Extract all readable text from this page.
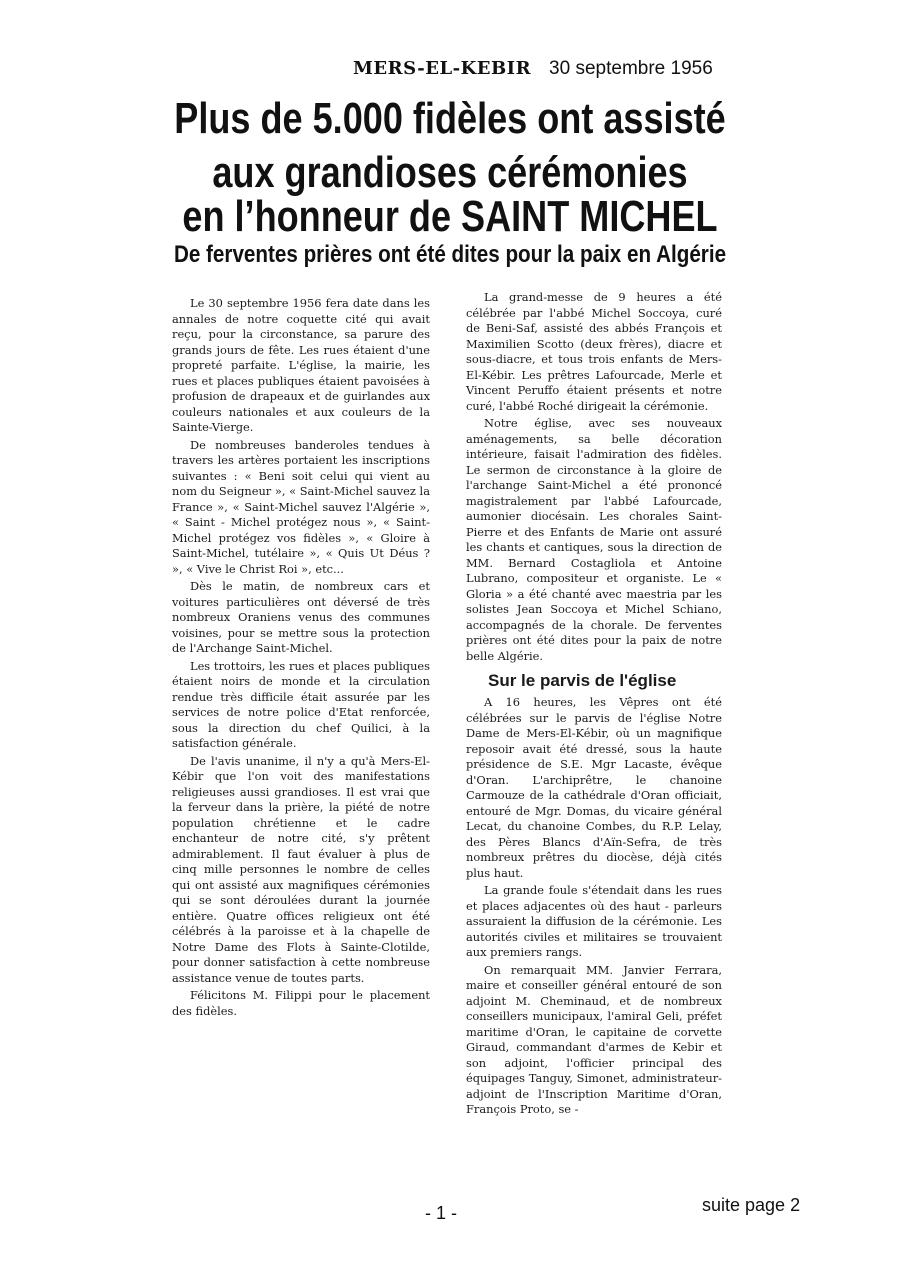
MERS-EL-KEBIR 30 septembre 1956
Plus de 5.000 fidèles ont assisté
aux grandioses cérémonies
en l’honneur de SAINT MICHEL
De ferventes prières ont été dites pour la paix en Algérie

Le 30 septembre 1956 fera date dans les annales de notre coquette cité qui avait reçu, pour la circonstance, sa parure des grands jours de fête. Les rues étaient d'une propreté parfaite. L'église, la mairie, les rues et places publiques étaient pavoisées à profusion de drapeaux et de guirlandes aux couleurs nationales et aux couleurs de la Sainte-Vierge.

De nombreuses banderoles tendues à travers les artères portaient les inscriptions suivantes : « Beni soit celui qui vient au nom du Seigneur », « Saint-Michel sauvez la France », « Saint-Michel sauvez l'Algérie », « Saint - Michel protégez nous », « Saint-Michel protégez vos fidèles », « Gloire à Saint-Michel, tutélaire », « Quis Ut Déus ? », « Vive le Christ Roi », etc...

Dès le matin, de nombreux cars et voitures particulières ont déversé de très nombreux Oraniens venus des communes voisines, pour se mettre sous la protection de l'Archange Saint-Michel.

Les trottoirs, les rues et places publiques étaient noirs de monde et la circulation rendue très difficile était assurée par les services de notre police d'Etat renforcée, sous la direction du chef Quilici, à la satisfaction générale.

De l'avis unanime, il n'y a qu'à Mers-El-Kébir que l'on voit des manifestations religieuses aussi grandioses. Il est vrai que la ferveur dans la prière, la piété de notre population chrétienne et le cadre enchanteur de notre cité, s'y prêtent admirablement. Il faut évaluer à plus de cinq mille personnes le nombre de celles qui ont assisté aux magnifiques cérémonies qui se sont déroulées durant la journée entière. Quatre offices religieux ont été célébrés à la paroisse et à la chapelle de Notre Dame des Flots à Sainte-Clotilde, pour donner satisfaction à cette nombreuse assistance venue de toutes parts.

Félicitons M. Filippi pour le placement des fidèles.

La grand-messe de 9 heures a été célébrée par l'abbé Michel Soccoya, curé de Beni-Saf, assisté des abbés François et Maximilien Scotto (deux frères), diacre et sous-diacre, et tous trois enfants de Mers-El-Kébir. Les prêtres Lafourcade, Merle et Vincent Peruffo étaient présents et notre curé, l'abbé Roché dirigeait la cérémonie.

Notre église, avec ses nouveaux aménagements, sa belle décoration intérieure, faisait l'admiration des fidèles. Le sermon de circonstance à la gloire de l'archange Saint-Michel a été prononcé magistralement par l'abbé Lafourcade, aumonier diocésain. Les chorales Saint-Pierre et des Enfants de Marie ont assuré les chants et cantiques, sous la direction de MM. Bernard Costagliola et Antoine Lubrano, compositeur et organiste. Le « Gloria » a été chanté avec maestria par les solistes Jean Soccoya et Michel Schiano, accompagnés de la chorale. De ferventes prières ont été dites pour la paix de notre belle Algérie.

Sur le parvis de l'église

A 16 heures, les Vêpres ont été célébrées sur le parvis de l'église Notre Dame de Mers-El-Kébir, où un magnifique reposoir avait été dressé, sous la haute présidence de S.E. Mgr Lacaste, évêque d'Oran. L'archiprêtre, le chanoine Carmouze de la cathédrale d'Oran officiait, entouré de Mgr. Domas, du vicaire général Lecat, du chanoine Combes, du R.P. Lelay, des Pères Blancs d'Aïn-Sefra, de très nombreux prêtres du diocèse, déjà cités plus haut.

La grande foule s'étendait dans les rues et places adjacentes où des haut - parleurs assuraient la diffusion de la cérémonie. Les autorités civiles et militaires se trouvaient aux premiers rangs.

On remarquait MM. Janvier Ferrara, maire et conseiller général entouré de son adjoint M. Cheminaud, et de nombreux conseillers municipaux, l'amiral Geli, préfet maritime d'Oran, le capitaine de corvette Giraud, commandant d'armes de Kebir et son adjoint, l'officier principal des équipages Tanguy, Simonet, administrateur-adjoint de l'Inscription Maritime d'Oran, François Proto, se -

- 1 -	suite page 2
